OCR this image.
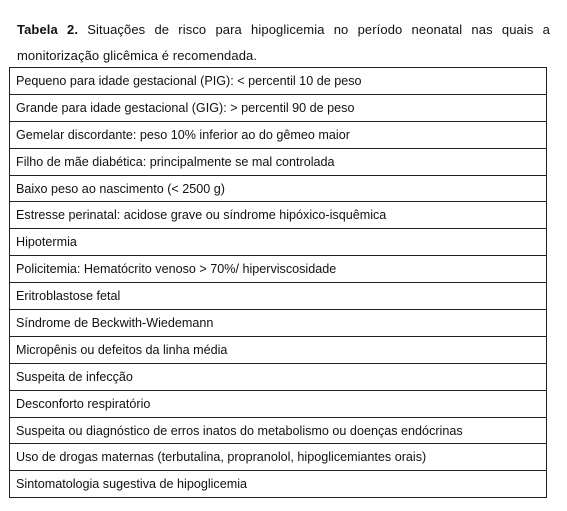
Tabela 2. Situações de risco para hipoglicemia no período neonatal nas quais a monitorização glicêmica é recomendada.

Pequeno para idade gestacional (PIG): < percentil 10 de peso
Grande para idade gestacional (GIG): > percentil 90 de peso
Gemelar discordante: peso 10% inferior ao do gêmeo maior
Filho de mãe diabética: principalmente se mal controlada
Baixo peso ao nascimento (< 2500 g)
Estresse perinatal: acidose grave ou síndrome hipóxico-isquêmica
Hipotermia
Policitemia: Hematócrito venoso > 70%/ hiperviscosidade
Eritroblastose fetal
Síndrome de Beckwith-Wiedemann
Micropênis ou defeitos da linha média
Suspeita de infecção
Desconforto respiratório
Suspeita ou diagnóstico de erros inatos do metabolismo ou doenças endócrinas
Uso de drogas maternas (terbutalina, propranolol, hipoglicemiantes orais)
Sintomatologia sugestiva de hipoglicemia
